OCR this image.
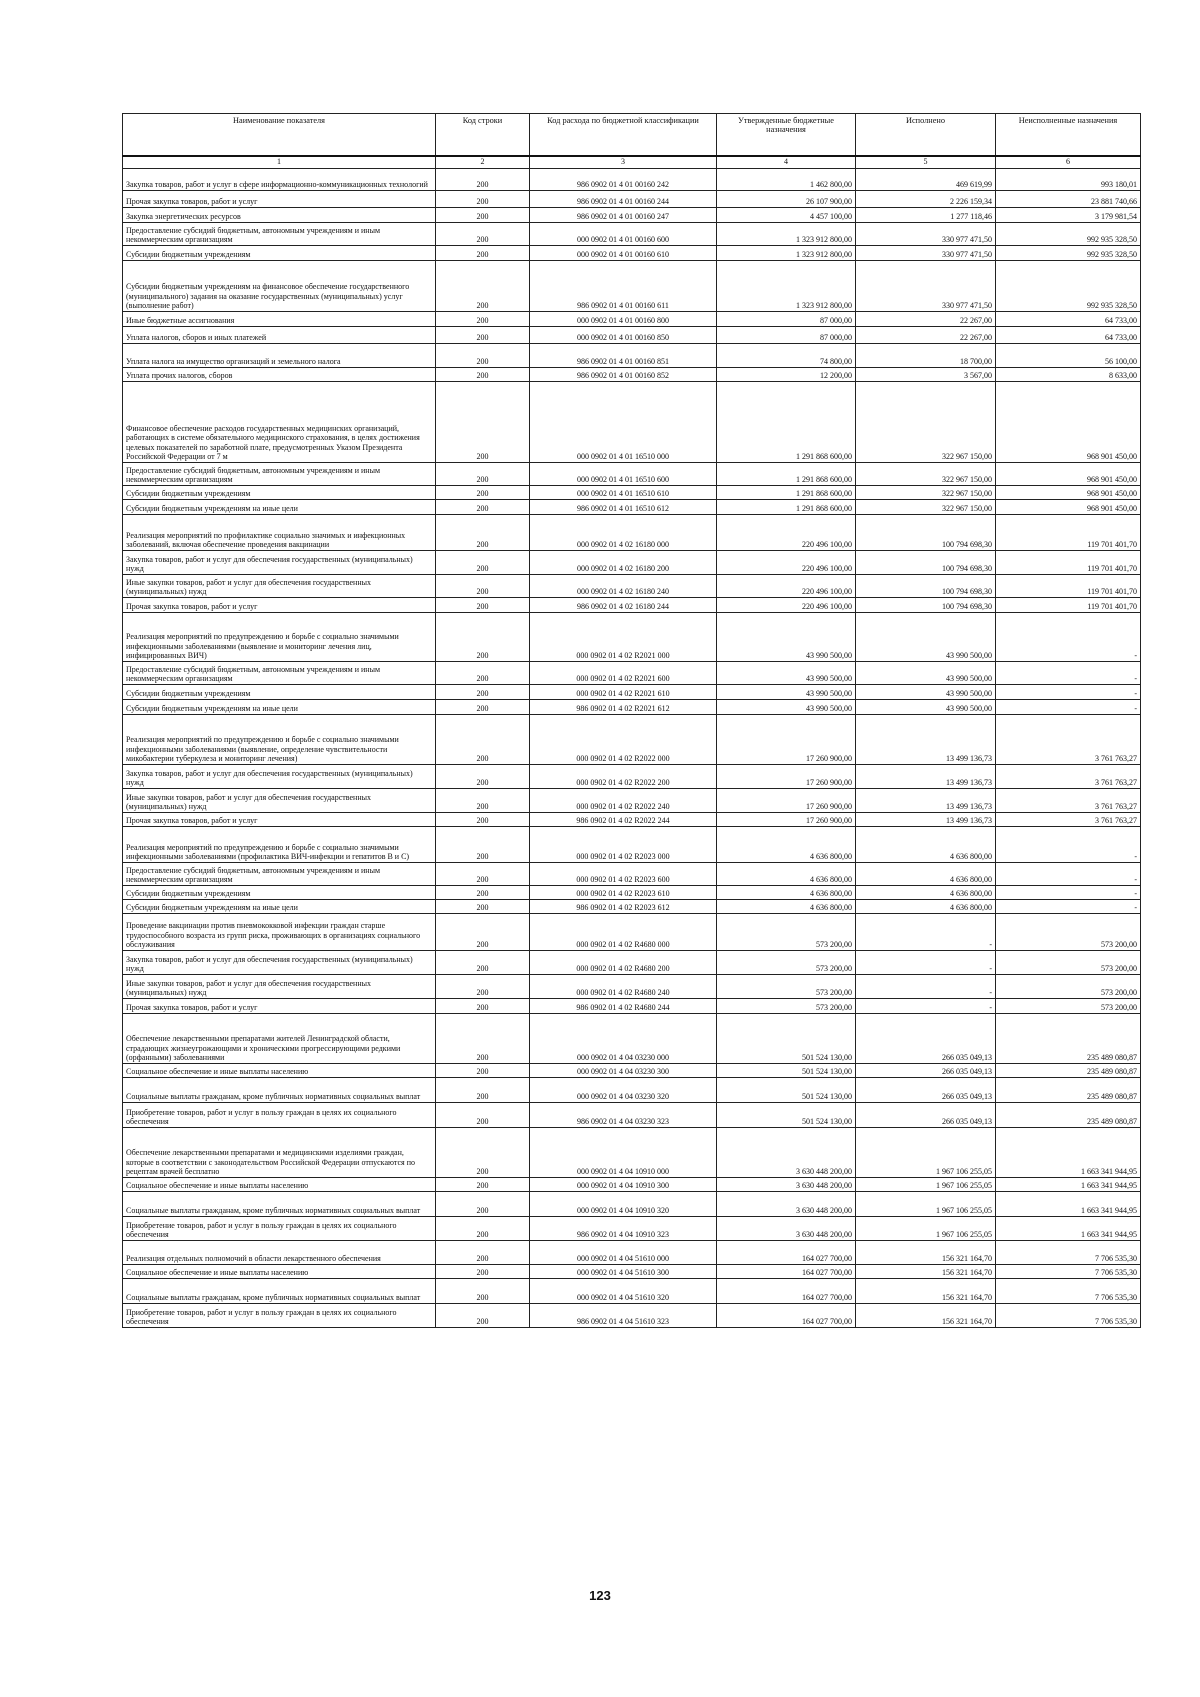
Наименование показателя	Код строки	Код расхода по бюджетной классификации	Утвержденные бюджетные назначения	Исполнено	Неисполненные назначения
1	2	3	4	5	6
Закупка товаров, работ и услуг в сфере информационно-коммуникационных технологий	200	986 0902 01 4 01 00160 242	1 462 800,00	469 619,99	993 180,01
Прочая закупка товаров, работ и услуг	200	986 0902 01 4 01 00160 244	26 107 900,00	2 226 159,34	23 881 740,66
Закупка энергетических ресурсов	200	986 0902 01 4 01 00160 247	4 457 100,00	1 277 118,46	3 179 981,54
Предоставление субсидий бюджетным, автономным учреждениям и иным некоммерческим организациям	200	000 0902 01 4 01 00160 600	1 323 912 800,00	330 977 471,50	992 935 328,50
Субсидии бюджетным учреждениям	200	000 0902 01 4 01 00160 610	1 323 912 800,00	330 977 471,50	992 935 328,50
Субсидии бюджетным учреждениям на финансовое обеспечение государственного (муниципального) задания на оказание государственных (муниципальных) услуг (выполнение работ)	200	986 0902 01 4 01 00160 611	1 323 912 800,00	330 977 471,50	992 935 328,50
Иные бюджетные ассигнования	200	000 0902 01 4 01 00160 800	87 000,00	22 267,00	64 733,00
Уплата налогов, сборов и иных платежей	200	000 0902 01 4 01 00160 850	87 000,00	22 267,00	64 733,00
Уплата налога на имущество организаций и земельного налога	200	986 0902 01 4 01 00160 851	74 800,00	18 700,00	56 100,00
Уплата прочих налогов, сборов	200	986 0902 01 4 01 00160 852	12 200,00	3 567,00	8 633,00
Финансовое обеспечение расходов государственных медицинских организаций, работающих в системе обязательного медицинского страхования, в целях достижения целевых показателей по заработной плате, предусмотренных Указом Президента Российской Федерации от 7 м	200	000 0902 01 4 01 16510 000	1 291 868 600,00	322 967 150,00	968 901 450,00
Предоставление субсидий бюджетным, автономным учреждениям и иным некоммерческим организациям	200	000 0902 01 4 01 16510 600	1 291 868 600,00	322 967 150,00	968 901 450,00
Субсидии бюджетным учреждениям	200	000 0902 01 4 01 16510 610	1 291 868 600,00	322 967 150,00	968 901 450,00
Субсидии бюджетным учреждениям на иные цели	200	986 0902 01 4 01 16510 612	1 291 868 600,00	322 967 150,00	968 901 450,00
Реализация мероприятий по профилактике социально значимых и инфекционных заболеваний, включая обеспечение проведения вакцинации	200	000 0902 01 4 02 16180 000	220 496 100,00	100 794 698,30	119 701 401,70
Закупка товаров, работ и услуг для обеспечения государственных (муниципальных) нужд	200	000 0902 01 4 02 16180 200	220 496 100,00	100 794 698,30	119 701 401,70
Иные закупки товаров, работ и услуг для обеспечения государственных (муниципальных) нужд	200	000 0902 01 4 02 16180 240	220 496 100,00	100 794 698,30	119 701 401,70
Прочая закупка товаров, работ и услуг	200	986 0902 01 4 02 16180 244	220 496 100,00	100 794 698,30	119 701 401,70
Реализация мероприятий по предупреждению и борьбе с социально значимыми инфекционными заболеваниями (выявление и мониторинг лечения лиц, инфицированных ВИЧ)	200	000 0902 01 4 02 R2021 000	43 990 500,00	43 990 500,00	-
Предоставление субсидий бюджетным, автономным учреждениям и иным некоммерческим организациям	200	000 0902 01 4 02 R2021 600	43 990 500,00	43 990 500,00	-
Субсидии бюджетным учреждениям	200	000 0902 01 4 02 R2021 610	43 990 500,00	43 990 500,00	-
Субсидии бюджетным учреждениям на иные цели	200	986 0902 01 4 02 R2021 612	43 990 500,00	43 990 500,00	-
Реализация мероприятий по предупреждению и борьбе с социально значимыми инфекционными заболеваниями (выявление, определение чувствительности микобактерии туберкулеза и мониторинг лечения)	200	000 0902 01 4 02 R2022 000	17 260 900,00	13 499 136,73	3 761 763,27
Закупка товаров, работ и услуг для обеспечения государственных (муниципальных) нужд	200	000 0902 01 4 02 R2022 200	17 260 900,00	13 499 136,73	3 761 763,27
Иные закупки товаров, работ и услуг для обеспечения государственных (муниципальных) нужд	200	000 0902 01 4 02 R2022 240	17 260 900,00	13 499 136,73	3 761 763,27
Прочая закупка товаров, работ и услуг	200	986 0902 01 4 02 R2022 244	17 260 900,00	13 499 136,73	3 761 763,27
Реализация мероприятий по предупреждению и борьбе с социально значимыми инфекционными заболеваниями (профилактика ВИЧ-инфекции и гепатитов В и С)	200	000 0902 01 4 02 R2023 000	4 636 800,00	4 636 800,00	-
Предоставление субсидий бюджетным, автономным учреждениям и иным некоммерческим организациям	200	000 0902 01 4 02 R2023 600	4 636 800,00	4 636 800,00	-
Субсидии бюджетным учреждениям	200	000 0902 01 4 02 R2023 610	4 636 800,00	4 636 800,00	-
Субсидии бюджетным учреждениям на иные цели	200	986 0902 01 4 02 R2023 612	4 636 800,00	4 636 800,00	-
Проведение вакцинации против пневмококковой инфекции граждан старше трудоспособного возраста из групп риска, проживающих в организациях социального обслуживания	200	000 0902 01 4 02 R4680 000	573 200,00	-	573 200,00
Закупка товаров, работ и услуг для обеспечения государственных (муниципальных) нужд	200	000 0902 01 4 02 R4680 200	573 200,00	-	573 200,00
Иные закупки товаров, работ и услуг для обеспечения государственных (муниципальных) нужд	200	000 0902 01 4 02 R4680 240	573 200,00	-	573 200,00
Прочая закупка товаров, работ и услуг	200	986 0902 01 4 02 R4680 244	573 200,00	-	573 200,00
Обеспечение лекарственными препаратами жителей Ленинградской области, страдающих жизнеугрожающими и хроническими прогрессирующими редкими (орфанными) заболеваниями	200	000 0902 01 4 04 03230 000	501 524 130,00	266 035 049,13	235 489 080,87
Социальное обеспечение и иные выплаты населению	200	000 0902 01 4 04 03230 300	501 524 130,00	266 035 049,13	235 489 080,87
Социальные выплаты гражданам, кроме публичных нормативных социальных выплат	200	000 0902 01 4 04 03230 320	501 524 130,00	266 035 049,13	235 489 080,87
Приобретение товаров, работ и услуг в пользу граждан в целях их социального обеспечения	200	986 0902 01 4 04 03230 323	501 524 130,00	266 035 049,13	235 489 080,87
Обеспечение лекарственными препаратами и медицинскими изделиями граждан, которые в соответствии с законодательством Российской Федерации отпускаются по рецептам врачей бесплатно	200	000 0902 01 4 04 10910 000	3 630 448 200,00	1 967 106 255,05	1 663 341 944,95
Социальное обеспечение и иные выплаты населению	200	000 0902 01 4 04 10910 300	3 630 448 200,00	1 967 106 255,05	1 663 341 944,95
Социальные выплаты гражданам, кроме публичных нормативных социальных выплат	200	000 0902 01 4 04 10910 320	3 630 448 200,00	1 967 106 255,05	1 663 341 944,95
Приобретение товаров, работ и услуг в пользу граждан в целях их социального обеспечения	200	986 0902 01 4 04 10910 323	3 630 448 200,00	1 967 106 255,05	1 663 341 944,95
Реализация отдельных полномочий в области лекарственного обеспечения	200	000 0902 01 4 04 51610 000	164 027 700,00	156 321 164,70	7 706 535,30
Социальное обеспечение и иные выплаты населению	200	000 0902 01 4 04 51610 300	164 027 700,00	156 321 164,70	7 706 535,30
Социальные выплаты гражданам, кроме публичных нормативных социальных выплат	200	000 0902 01 4 04 51610 320	164 027 700,00	156 321 164,70	7 706 535,30
Приобретение товаров, работ и услуг в пользу граждан в целях их социального обеспечения	200	986 0902 01 4 04 51610 323	164 027 700,00	156 321 164,70	7 706 535,30
123
